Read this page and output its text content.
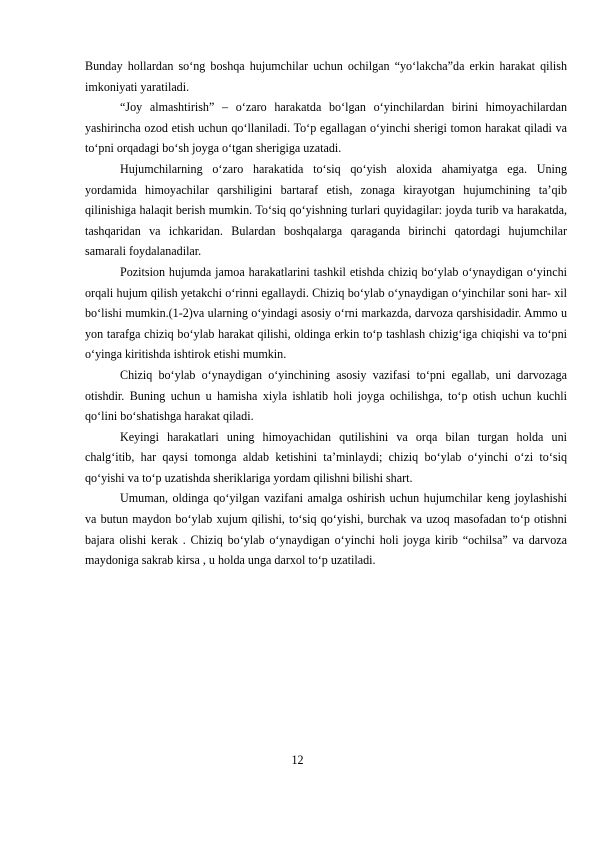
Bunday hollardan so‘ng boshqa hujumchilar uchun ochilgan “yo‘lakcha”da erkin harakat qilish imkoniyati yaratiladi.

“Joy almashtirish” – o‘zaro harakatda bo‘lgan o‘yinchilardan birini himoyachilardan yashirincha ozod etish uchun qo‘llaniladi. To‘p egallagan o‘yinchi sherigi tomon harakat qiladi va to‘pni orqadagi bo‘sh joyga o‘tgan sherigiga uzatadi.

Hujumchilarning o‘zaro harakatida to‘siq qo‘yish aloxida ahamiyatga ega. Uning yordamida himoyachilar qarshiligini bartaraf etish, zonaga kirayotgan hujumchining ta’qib qilinishiga halaqit berish mumkin. To‘siq qo‘yishning turlari quyidagilar: joyda turib va harakatda, tashqaridan va ichkaridan. Bulardan boshqalarga qaraganda birinchi qatordagi hujumchilar samarali foydalanadilar.

Pozitsion hujumda jamoa harakatlarini tashkil etishda chiziq bo‘ylab o‘ynaydigan o‘yinchi orqali hujum qilish yetakchi o‘rinni egallaydi. Chiziq bo‘ylab o‘ynaydigan o‘yinchilar soni har- xil bo‘lishi mumkin.(1-2)va ularning o‘yindagi asosiy o‘rni markazda, darvoza qarshisidadir. Ammo u yon tarafga chiziq bo‘ylab harakat qilishi, oldinga erkin to‘p tashlash chizig‘iga chiqishi va to‘pni o‘yinga kiritishda ishtirok etishi mumkin.

Chiziq bo‘ylab o‘ynaydigan o‘yinchining asosiy vazifasi to‘pni egallab, uni darvozaga otishdir. Buning uchun u hamisha xiyla ishlatib holi joyga ochilishga, to‘p otish uchun kuchli qo‘lini bo‘shatishga harakat qiladi.

Keyingi harakatlari uning himoyachidan qutilishini va orqa bilan turgan holda uni chalg‘itib, har qaysi tomonga aldab ketishini ta’minlaydi; chiziq bo‘ylab o‘yinchi o‘zi to‘siq qo‘yishi va to‘p uzatishda sheriklariga yordam qilishni bilishi shart.

Umuman, oldinga qo‘yilgan vazifani amalga oshirish uchun hujumchilar keng joylashishi va butun maydon bo‘ylab xujum qilishi, to‘siq qo‘yishi, burchak va uzoq masofadan to‘p otishni bajara olishi kerak . Chiziq bo‘ylab o‘ynaydigan o‘yinchi holi joyga kirib “ochilsa” va darvoza maydoniga sakrab kirsa , u holda unga darxol to‘p uzatiladi.

12
